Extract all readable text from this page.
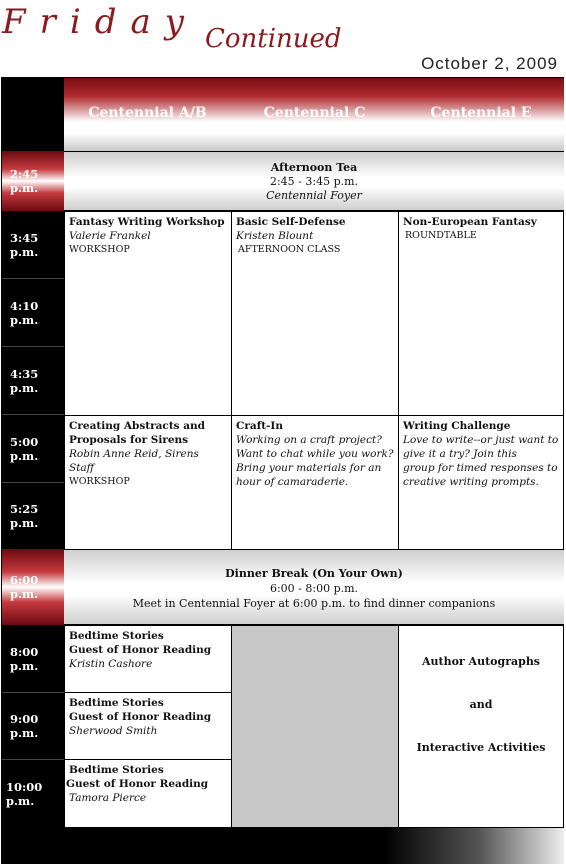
Friday Continued
October 2, 2009
Centennial A/B	Centennial C	Centennial E
2:45 p.m.
Afternoon Tea
2:45 - 3:45 p.m.
Centennial Foyer
3:45 p.m.
4:10 p.m.
4:35 p.m.
5:00 p.m.
5:25 p.m.
Fantasy Writing Workshop
Valerie Frankel
WORKSHOP
Basic Self-Defense
Kristen Blount
AFTERNOON CLASS
Non-European Fantasy
ROUNDTABLE
Creating Abstracts and
Proposals for Sirens
Robin Anne Reid, Sirens Staff
WORKSHOP
Craft-In
Working on a craft project?
Want to chat while you work?
Bring your materials for an
hour of camaraderie.
Writing Challenge
Love to write--or just want to
give it a try? Join this
group for timed responses to
creative writing prompts.
6:00 p.m.
Dinner Break (On Your Own)
6:00 - 8:00 p.m.
Meet in Centennial Foyer at 6:00 p.m. to find dinner companions
8:00 p.m.
9:00 p.m.
10:00 p.m.
Bedtime Stories
Guest of Honor Reading
Kristin Cashore
Bedtime Stories
Guest of Honor Reading
Sherwood Smith
Bedtime Stories
Guest of Honor Reading
Tamora Pierce
Author Autographs
and
Interactive Activities
